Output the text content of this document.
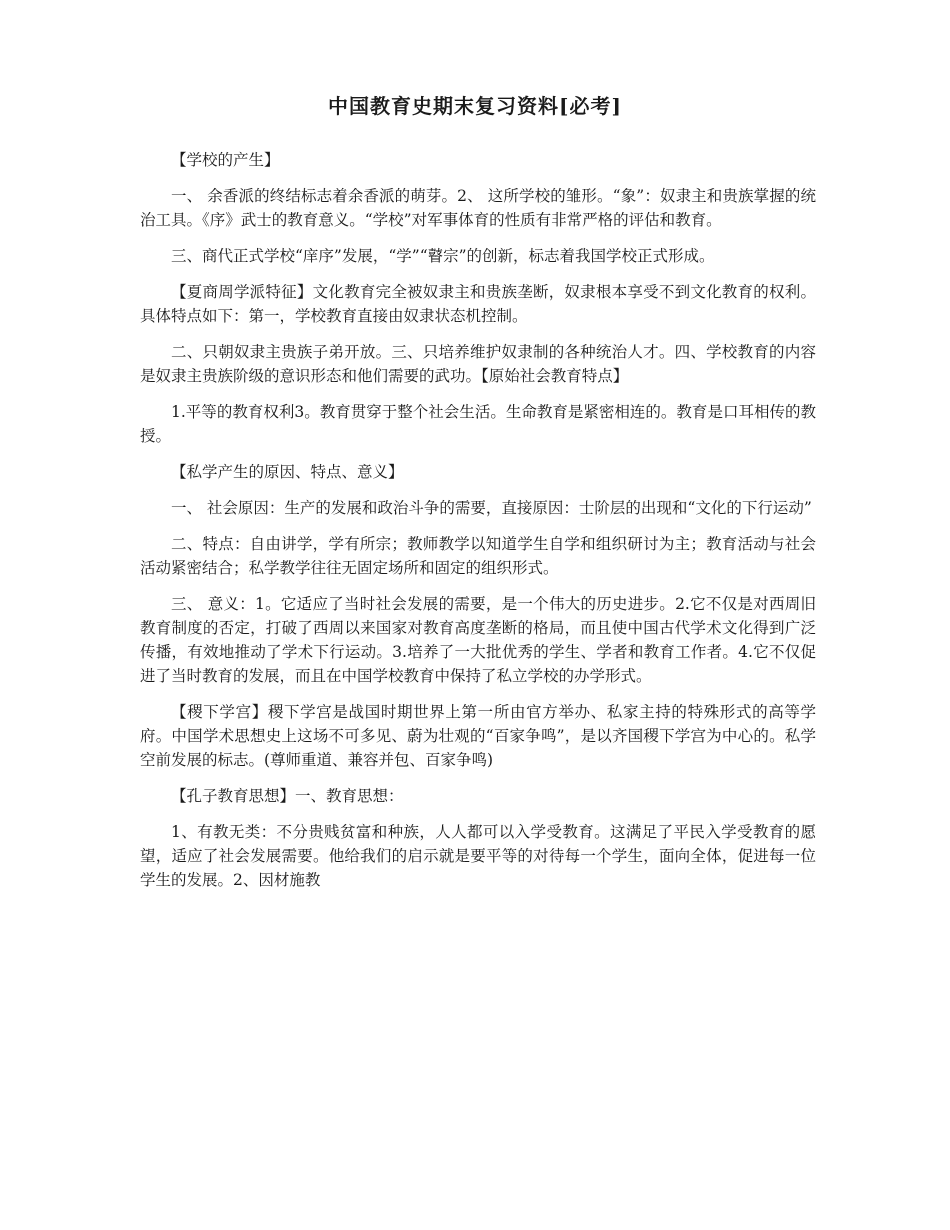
中国教育史期末复习资料[必考]

【学校的产生】

一、 余香派的终结标志着余香派的萌芽。2、 这所学校的雏形。“象”：奴隶主和贵族掌握的统治工具。《序》武士的教育意义。“学校”对军事体育的性质有非常严格的评估和教育。

三、商代正式学校“庠序”发展，“学”“瞽宗”的创新，标志着我国学校正式形成。

【夏商周学派特征】文化教育完全被奴隶主和贵族垄断，奴隶根本享受不到文化教育的权利。具体特点如下：第一，学校教育直接由奴隶状态机控制。

二、只朝奴隶主贵族子弟开放。三、只培养维护奴隶制的各种统治人才。四、学校教育的内容是奴隶主贵族阶级的意识形态和他们需要的武功。【原始社会教育特点】

1.平等的教育权利3。教育贯穿于整个社会生活。生命教育是紧密相连的。教育是口耳相传的教授。

【私学产生的原因、特点、意义】

一、 社会原因：生产的发展和政治斗争的需要，直接原因：士阶层的出现和“文化的下行运动”

二、特点：自由讲学，学有所宗；教师教学以知道学生自学和组织研讨为主；教育活动与社会活动紧密结合；私学教学往往无固定场所和固定的组织形式。

三、 意义：1。它适应了当时社会发展的需要，是一个伟大的历史进步。2.它不仅是对西周旧教育制度的否定，打破了西周以来国家对教育高度垄断的格局，而且使中国古代学术文化得到广泛传播，有效地推动了学术下行运动。3.培养了一大批优秀的学生、学者和教育工作者。4.它不仅促进了当时教育的发展，而且在中国学校教育中保持了私立学校的办学形式。

【稷下学宫】稷下学宫是战国时期世界上第一所由官方举办、私家主持的特殊形式的高等学府。中国学术思想史上这场不可多见、蔚为壮观的“百家争鸣”，是以齐国稷下学宫为中心的。私学空前发展的标志。(尊师重道、兼容并包、百家争鸣)

【孔子教育思想】一、教育思想：

1、有教无类：不分贵贱贫富和种族，人人都可以入学受教育。这满足了平民入学受教育的愿望，适应了社会发展需要。他给我们的启示就是要平等的对待每一个学生，面向全体，促进每一位学生的发展。2、因材施教
